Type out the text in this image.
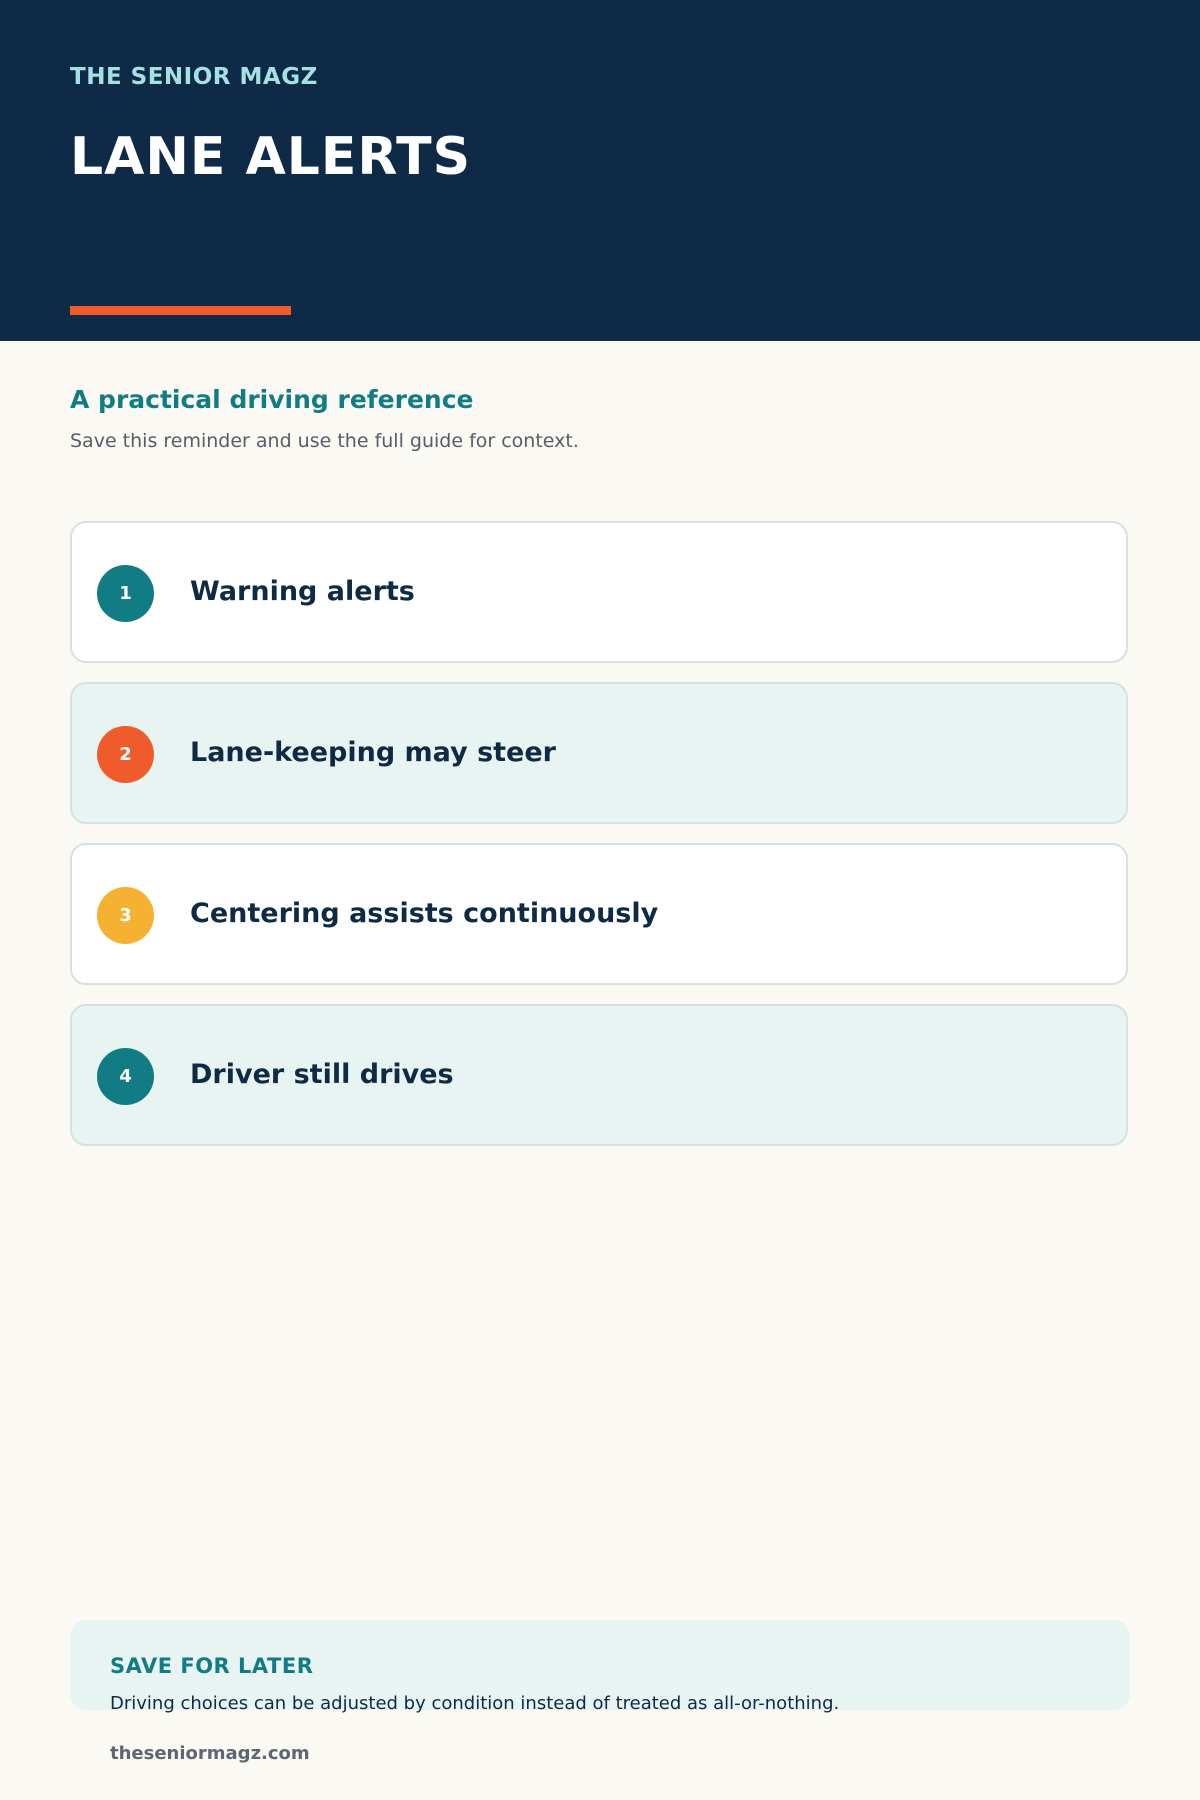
THE SENIOR MAGZ
LANE ALERTS
A practical driving reference
Save this reminder and use the full guide for context.
1	Warning alerts
2	Lane-keeping may steer
3	Centering assists continuously
4	Driver still drives
SAVE FOR LATER
Driving choices can be adjusted by condition instead of treated as all-or-nothing.
theseniormagz.com
